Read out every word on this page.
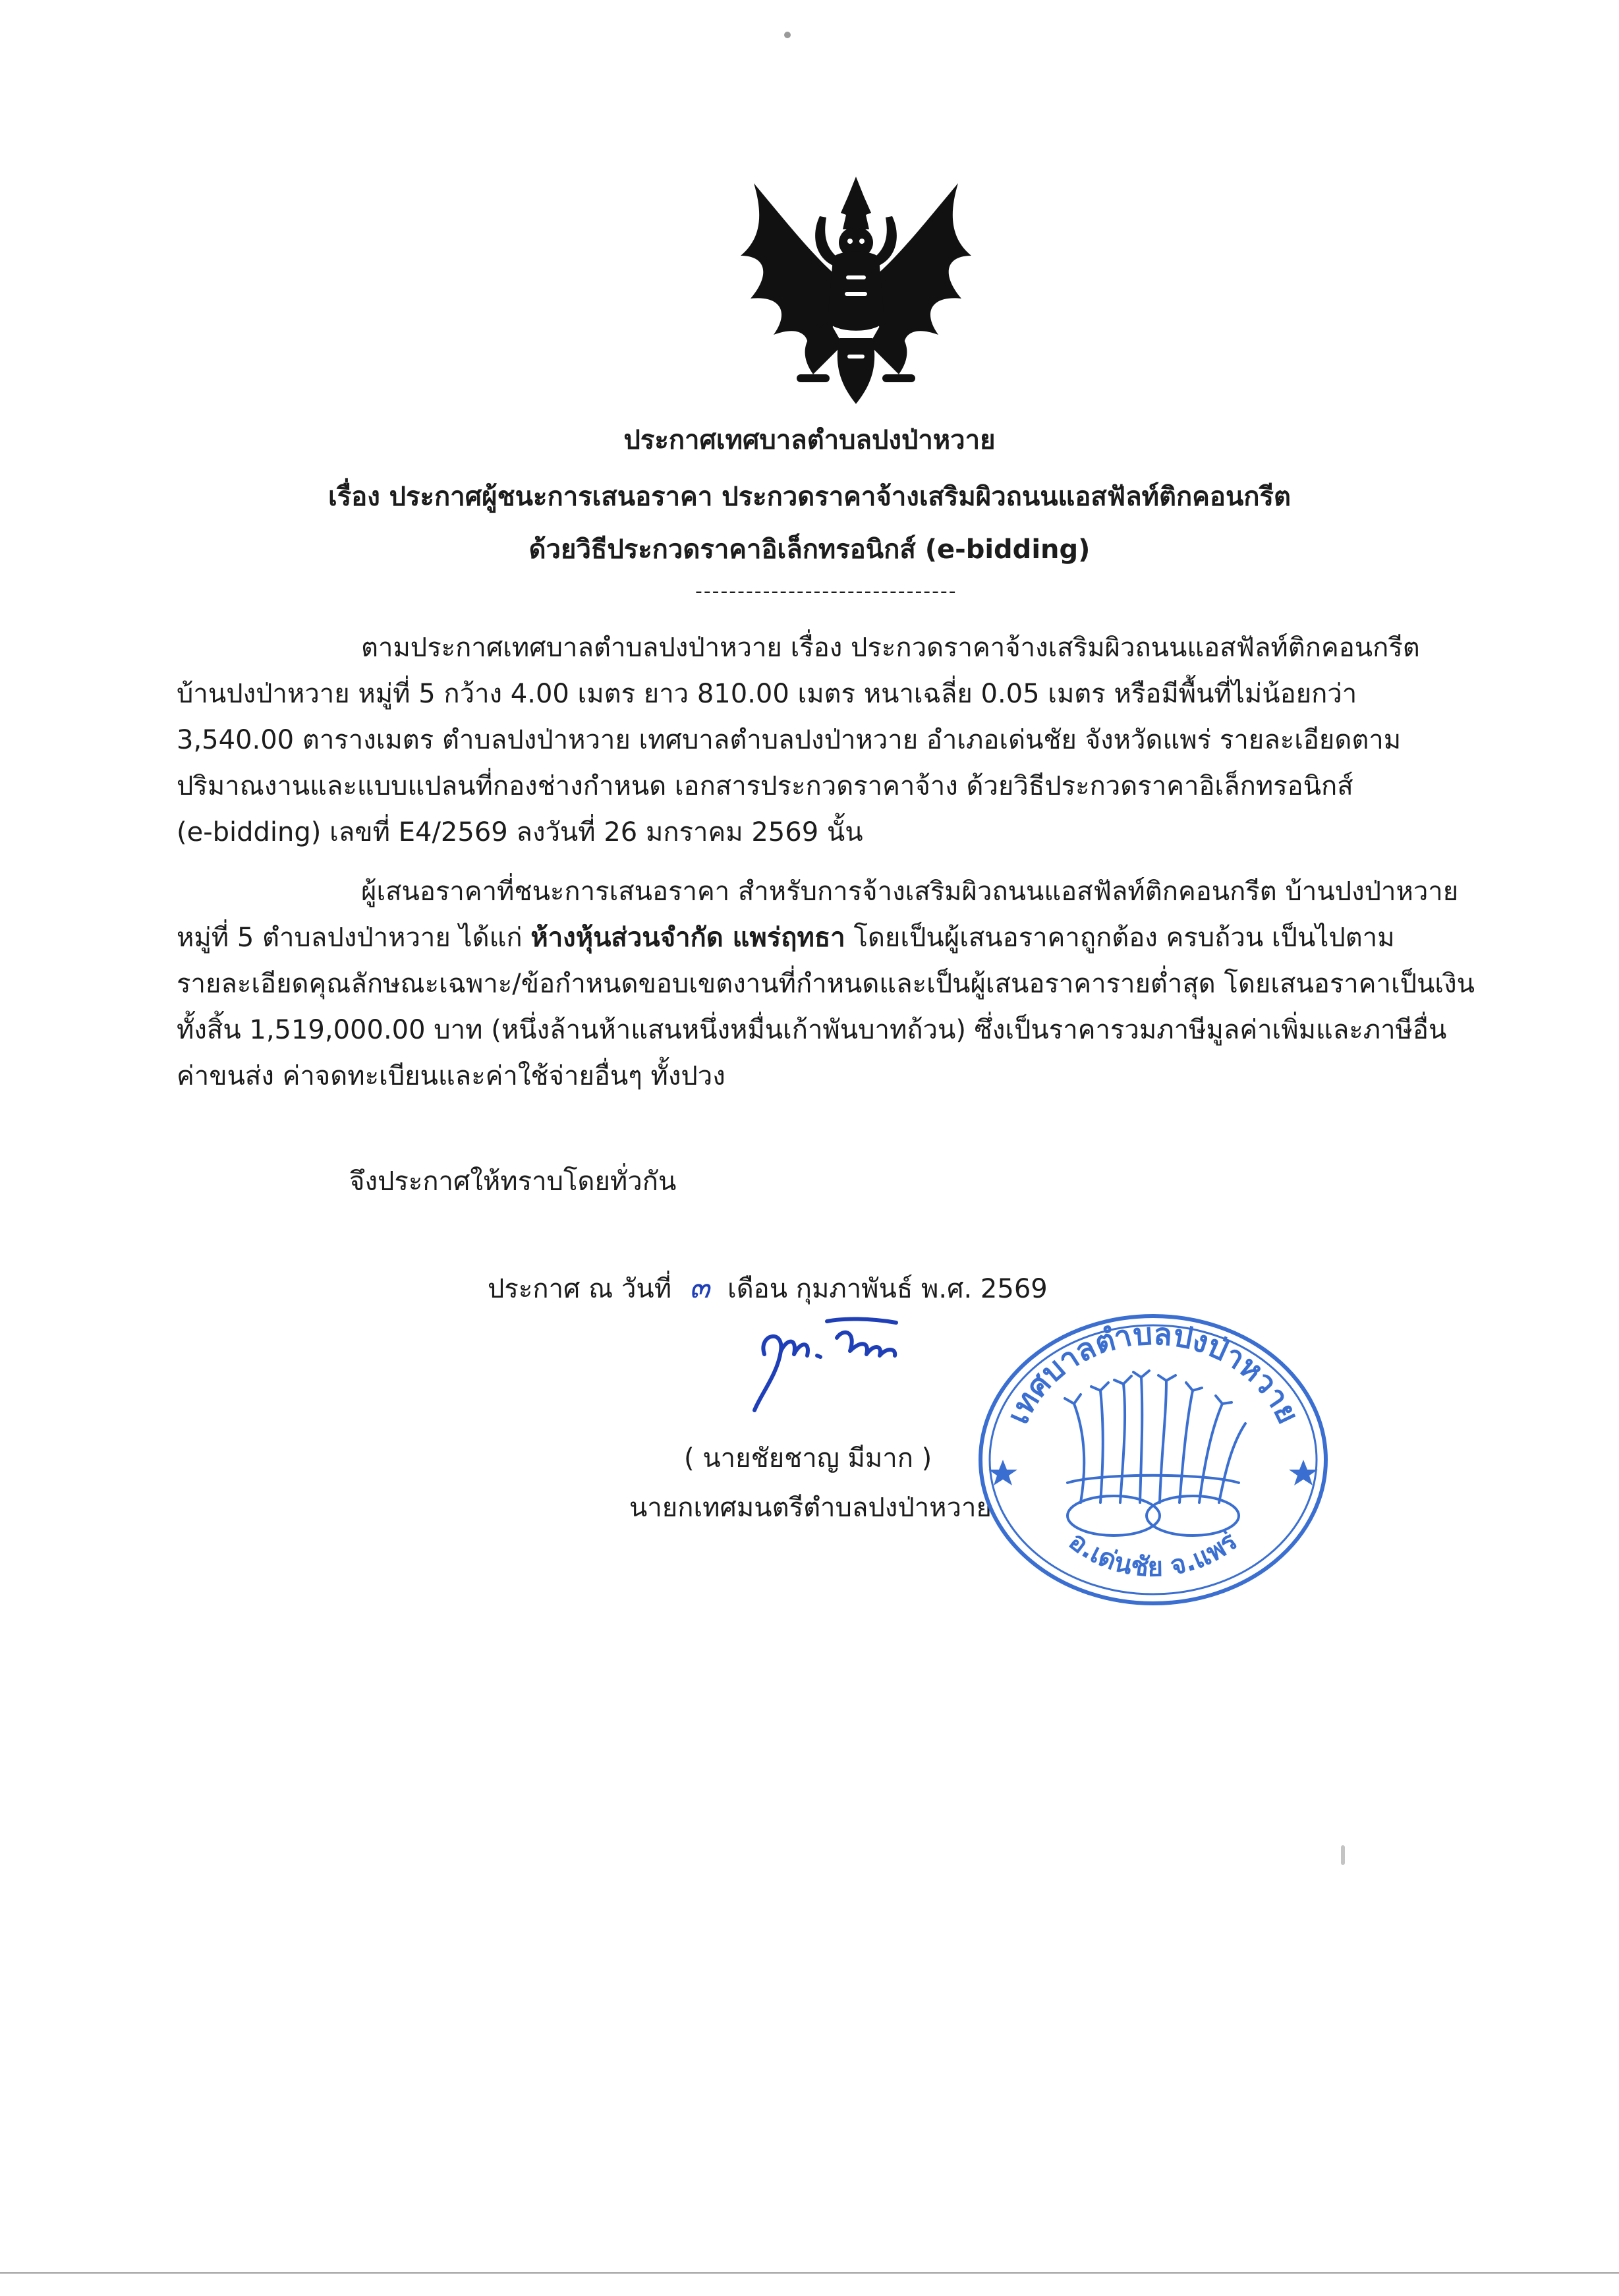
ประกาศเทศบาลตำบลปงป่าหวาย
เรื่อง ประกาศผู้ชนะการเสนอราคา ประกวดราคาจ้างเสริมผิวถนนแอสฟัลท์ติกคอนกรีต
ด้วยวิธีประกวดราคาอิเล็กทรอนิกส์ (e-bidding)
-------------------------------
ตามประกาศเทศบาลตำบลปงป่าหวาย เรื่อง ประกวดราคาจ้างเสริมผิวถนนแอสฟัลท์ติกคอนกรีต
บ้านปงป่าหวาย หมู่ที่ 5 กว้าง 4.00 เมตร ยาว 810.00 เมตร หนาเฉลี่ย 0.05 เมตร หรือมีพื้นที่ไม่น้อยกว่า
3,540.00 ตารางเมตร ตำบลปงป่าหวาย เทศบาลตำบลปงป่าหวาย อำเภอเด่นชัย จังหวัดแพร่ รายละเอียดตาม
ปริมาณงานและแบบแปลนที่กองช่างกำหนด เอกสารประกวดราคาจ้าง ด้วยวิธีประกวดราคาอิเล็กทรอนิกส์
(e-bidding) เลขที่ E4/2569 ลงวันที่ 26 มกราคม 2569 นั้น
ผู้เสนอราคาที่ชนะการเสนอราคา สำหรับการจ้างเสริมผิวถนนแอสฟัลท์ติกคอนกรีต บ้านปงป่าหวาย
หมู่ที่ 5 ตำบลปงป่าหวาย ได้แก่ ห้างหุ้นส่วนจำกัด แพร่ฤทธา โดยเป็นผู้เสนอราคาถูกต้อง ครบถ้วน เป็นไปตาม
รายละเอียดคุณลักษณะเฉพาะ/ข้อกำหนดขอบเขตงานที่กำหนดและเป็นผู้เสนอราคารายต่ำสุด โดยเสนอราคาเป็นเงิน
ทั้งสิ้น 1,519,000.00 บาท (หนึ่งล้านห้าแสนหนึ่งหมื่นเก้าพันบาทถ้วน) ซึ่งเป็นราคารวมภาษีมูลค่าเพิ่มและภาษีอื่น
ค่าขนส่ง ค่าจดทะเบียนและค่าใช้จ่ายอื่นๆ ทั้งปวง
จึงประกาศให้ทราบโดยทั่วกัน
ประกาศ ณ วันที่ ๓ เดือน กุมภาพันธ์ พ.ศ. 2569
( นายชัยชาญ มีมาก )
นายกเทศมนตรีตำบลปงป่าหวาย
เทศบาลตำบลปงป่าหวาย
อ.เด่นชัย จ.แพร่
